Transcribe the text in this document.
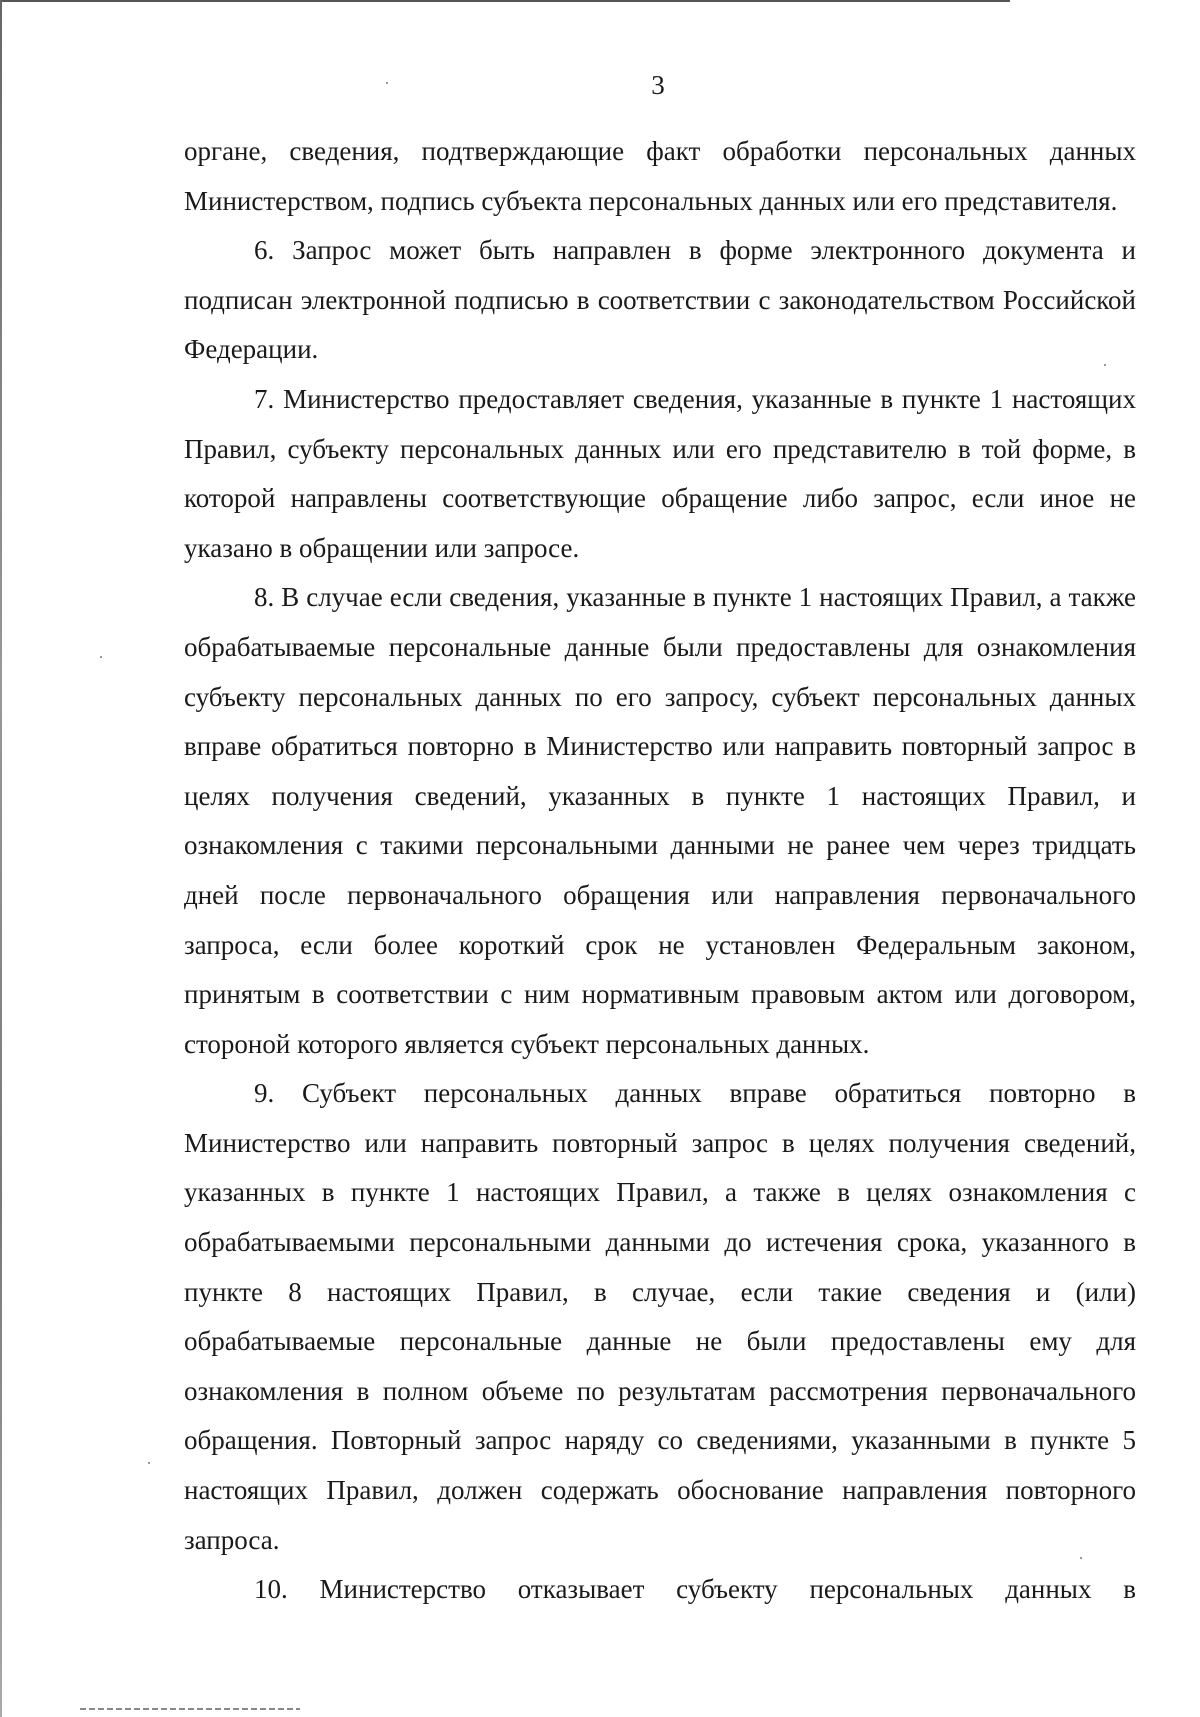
3

органе, сведения, подтверждающие факт обработки персональных данных Министерством, подпись субъекта персональных данных или его представителя.

6. Запрос может быть направлен в форме электронного документа и подписан электронной подписью в соответствии с законодательством Российской Федерации.

7. Министерство предоставляет сведения, указанные в пункте 1 настоящих Правил, субъекту персональных данных или его представителю в той форме, в которой направлены соответствующие обращение либо запрос, если иное не указано в обращении или запросе.

8. В случае если сведения, указанные в пункте 1 настоящих Правил, а также обрабатываемые персональные данные были предоставлены для ознакомления субъекту персональных данных по его запросу, субъект персональных данных вправе обратиться повторно в Министерство или направить повторный запрос в целях получения сведений, указанных в пункте 1 настоящих Правил, и ознакомления с такими персональными данными не ранее чем через тридцать дней после первоначального обращения или направления первоначального запроса, если более короткий срок не установлен Федеральным законом, принятым в соответствии с ним нормативным правовым актом или договором, стороной которого является субъект персональных данных.

9. Субъект персональных данных вправе обратиться повторно в Министерство или направить повторный запрос в целях получения сведений, указанных в пункте 1 настоящих Правил, а также в целях ознакомления с обрабатываемыми персональными данными до истечения срока, указанного в пункте 8 настоящих Правил, в случае, если такие сведения и (или) обрабатываемые персональные данные не были предоставлены ему для ознакомления в полном объеме по результатам рассмотрения первоначального обращения. Повторный запрос наряду со сведениями, указанными в пункте 5 настоящих Правил, должен содержать обоснование направления повторного запроса.

10. Министерство отказывает субъекту персональных данных в
